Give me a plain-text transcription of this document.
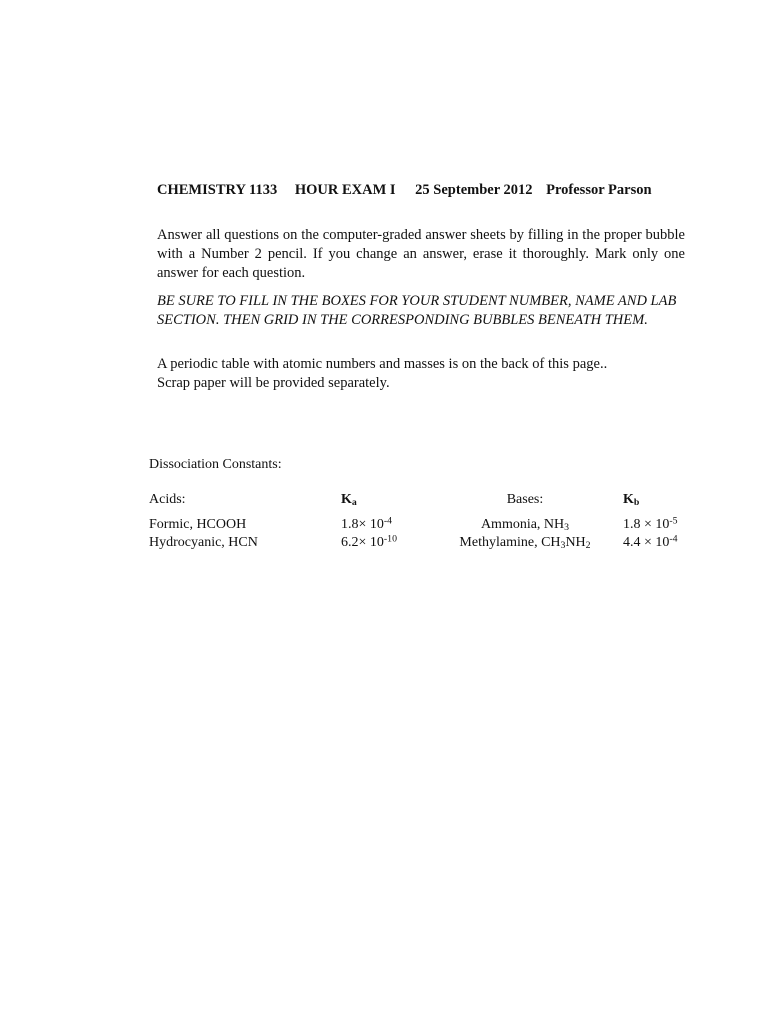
CHEMISTRY 1133 HOUR EXAM I 25 September 2012 Professor Parson
Answer all questions on the computer-graded answer sheets by filling in the proper bubble with a Number 2 pencil. If you change an answer, erase it thoroughly. Mark only one answer for each question.
BE SURE TO FILL IN THE BOXES FOR YOUR STUDENT NUMBER, NAME AND LAB SECTION. THEN GRID IN THE CORRESPONDING BUBBLES BENEATH THEM.
A periodic table with atomic numbers and masses is on the back of this page..
Scrap paper will be provided separately.
Dissociation Constants:
Acids:	$K_a$	Bases:	$K_b$
Formic, HCOOH	$1.8\times 10^{-4}$	Ammonia, $NH_3$	$1.8 \times 10^{-5}$
Hydrocyanic, HCN	$6.2\times 10^{-10}$	Methylamine, $CH_3NH_2$	$4.4 \times 10^{-4}$
